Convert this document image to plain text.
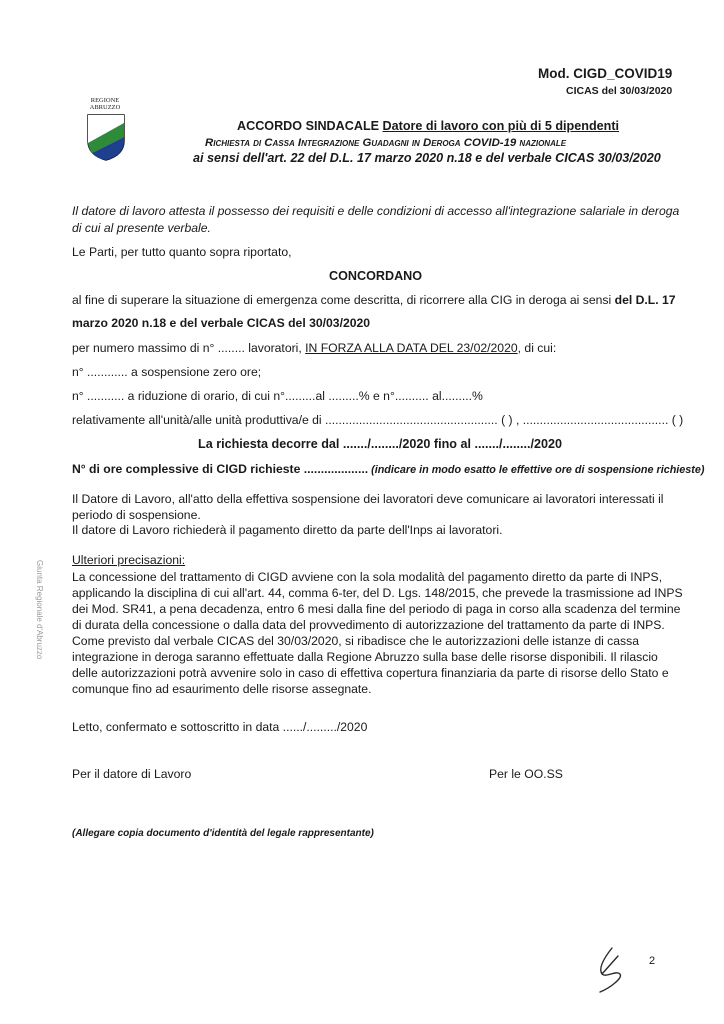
Mod. CIGD_COVID19
CICAS del 30/03/2020
REGIONE
ABRUZZO
ACCORDO SINDACALE Datore di lavoro con più di 5 dipendenti
Richiesta di Cassa Integrazione Guadagni in Deroga COVID-19 nazionale
ai sensi dell'art. 22 del D.L. 17 marzo 2020 n.18 e del verbale CICAS 30/03/2020
Il datore di lavoro attesta il possesso dei requisiti e delle condizioni di accesso all'integrazione salariale in deroga
di cui al presente verbale.
Le Parti, per tutto quanto sopra riportato,
CONCORDANO
al fine di superare la situazione di emergenza come descritta, di ricorrere alla CIG in deroga ai sensi del D.L. 17
marzo 2020 n.18 e del verbale CICAS del 30/03/2020
per numero massimo di n° ........ lavoratori, IN FORZA ALLA DATA DEL 23/02/2020, di cui:
n° ............ a sospensione zero ore;
n° ........... a riduzione di orario, di cui n°.........al .........% e n°.......... al.........%
relativamente all'unità/alle unità produttiva/e di ................................................... ( ) , ........................................... ( )
La richiesta decorre dal ......./......../2020 fino al ......./......../2020
N° di ore complessive di CIGD richieste ................... (indicare in modo esatto le effettive ore di sospensione richieste)
Il Datore di Lavoro, all'atto della effettiva sospensione dei lavoratori deve comunicare ai lavoratori interessati il
periodo di sospensione.
Il datore di Lavoro richiederà il pagamento diretto da parte dell'Inps ai lavoratori.
Ulteriori precisazioni:
La concessione del trattamento di CIGD avviene con la sola modalità del pagamento diretto da parte di INPS,
applicando la disciplina di cui all'art. 44, comma 6-ter, del D. Lgs. 148/2015, che prevede la trasmissione ad INPS
dei Mod. SR41, a pena decadenza, entro 6 mesi dalla fine del periodo di paga in corso alla scadenza del termine
di durata della concessione o dalla data del provvedimento di autorizzazione del trattamento da parte di INPS.
Come previsto dal verbale CICAS del 30/03/2020, si ribadisce che le autorizzazioni delle istanze di cassa
integrazione in deroga saranno effettuate dalla Regione Abruzzo sulla base delle risorse disponibili. Il rilascio
delle autorizzazioni potrà avvenire solo in caso di effettiva copertura finanziaria da parte di risorse dello Stato e
comunque fino ad esaurimento delle risorse assegnate.
Letto, confermato e sottoscritto in data ....../........./2020
Per il datore di Lavoro	Per le OO.SS
(Allegare copia documento d'identità del legale rappresentante)
Giunta Regionale d'Abruzzo
2
